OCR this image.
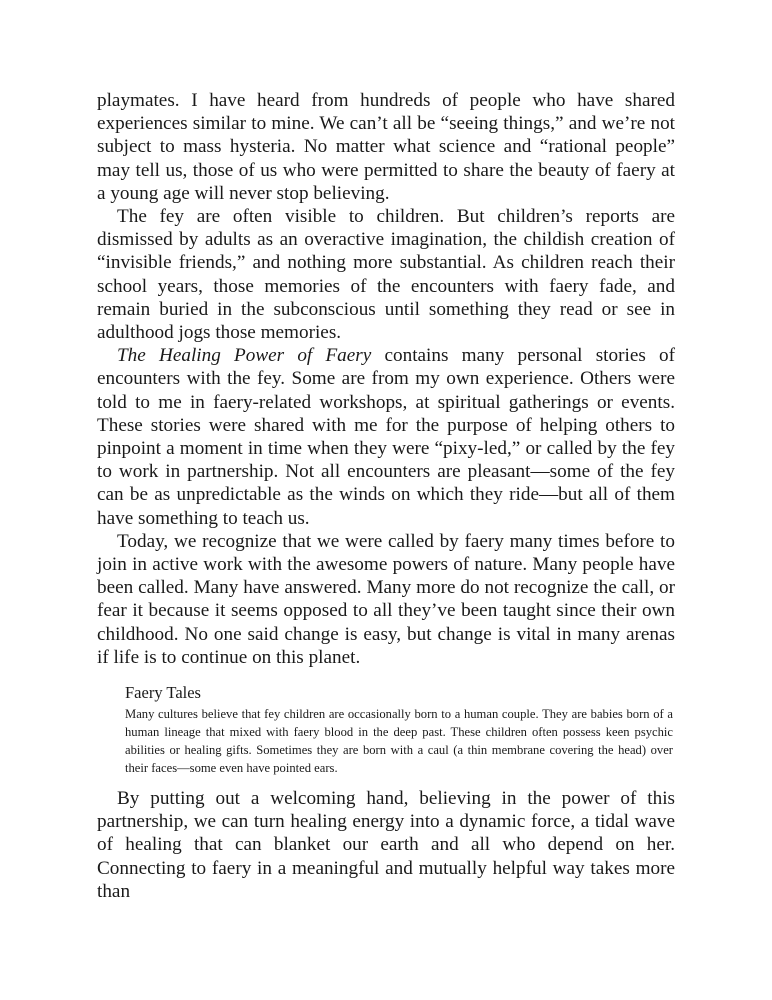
playmates. I have heard from hundreds of people who have shared experiences similar to mine. We can’t all be “seeing things,” and we’re not subject to mass hysteria. No matter what science and “rational people” may tell us, those of us who were permitted to share the beauty of faery at a young age will never stop believing.

The fey are often visible to children. But children’s reports are dismissed by adults as an overactive imagination, the childish creation of “invisible friends,” and nothing more substantial. As children reach their school years, those memories of the encounters with faery fade, and remain buried in the subconscious until something they read or see in adulthood jogs those memories.

The Healing Power of Faery contains many personal stories of encounters with the fey. Some are from my own experience. Others were told to me in faery-related workshops, at spiritual gatherings or events. These stories were shared with me for the purpose of helping others to pinpoint a moment in time when they were “pixy-led,” or called by the fey to work in partnership. Not all encounters are pleasant—some of the fey can be as unpredictable as the winds on which they ride—but all of them have something to teach us.

Today, we recognize that we were called by faery many times before to join in active work with the awesome powers of nature. Many people have been called. Many have answered. Many more do not recognize the call, or fear it because it seems opposed to all they’ve been taught since their own childhood. No one said change is easy, but change is vital in many arenas if life is to continue on this planet.

Faery Tales

Many cultures believe that fey children are occasionally born to a human couple. They are babies born of a human lineage that mixed with faery blood in the deep past. These children often possess keen psychic abilities or healing gifts. Sometimes they are born with a caul (a thin membrane covering the head) over their faces—some even have pointed ears.

By putting out a welcoming hand, believing in the power of this partnership, we can turn healing energy into a dynamic force, a tidal wave of healing that can blanket our earth and all who depend on her. Connecting to faery in a meaningful and mutually helpful way takes more than
